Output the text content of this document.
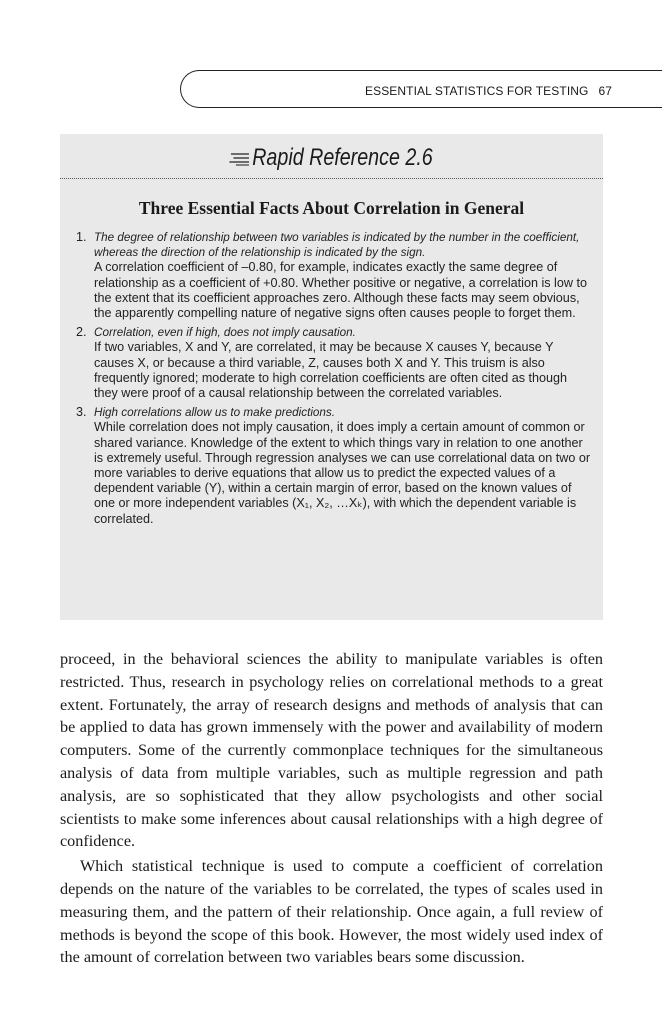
ESSENTIAL STATISTICS FOR TESTING 67
Rapid Reference 2.6
Three Essential Facts About Correlation in General
1. The degree of relationship between two variables is indicated by the number in the coefficient, whereas the direction of the relationship is indicated by the sign.
A correlation coefficient of –0.80, for example, indicates exactly the same degree of relationship as a coefficient of +0.80. Whether positive or negative, a correlation is low to the extent that its coefficient approaches zero. Although these facts may seem obvious, the apparently compelling nature of negative signs often causes people to forget them.
2. Correlation, even if high, does not imply causation.
If two variables, X and Y, are correlated, it may be because X causes Y, because Y causes X, or because a third variable, Z, causes both X and Y. This truism is also frequently ignored; moderate to high correlation coefficients are often cited as though they were proof of a causal relationship between the correlated variables.
3. High correlations allow us to make predictions.
While correlation does not imply causation, it does imply a certain amount of common or shared variance. Knowledge of the extent to which things vary in relation to one another is extremely useful. Through regression analyses we can use correlational data on two or more variables to derive equations that allow us to predict the expected values of a dependent variable (Y), within a certain margin of error, based on the known values of one or more independent variables (X₁, X₂, …Xₖ), with which the dependent variable is correlated.

proceed, in the behavioral sciences the ability to manipulate variables is often restricted. Thus, research in psychology relies on correlational methods to a great extent. Fortunately, the array of research designs and methods of analysis that can be applied to data has grown immensely with the power and availability of modern computers. Some of the currently commonplace techniques for the simultaneous analysis of data from multiple variables, such as multiple regression and path analysis, are so sophisticated that they allow psychologists and other social scientists to make some inferences about causal relationships with a high degree of confidence.

Which statistical technique is used to compute a coefficient of correlation depends on the nature of the variables to be correlated, the types of scales used in measuring them, and the pattern of their relationship. Once again, a full review of methods is beyond the scope of this book. However, the most widely used index of the amount of correlation between two variables bears some discussion.
